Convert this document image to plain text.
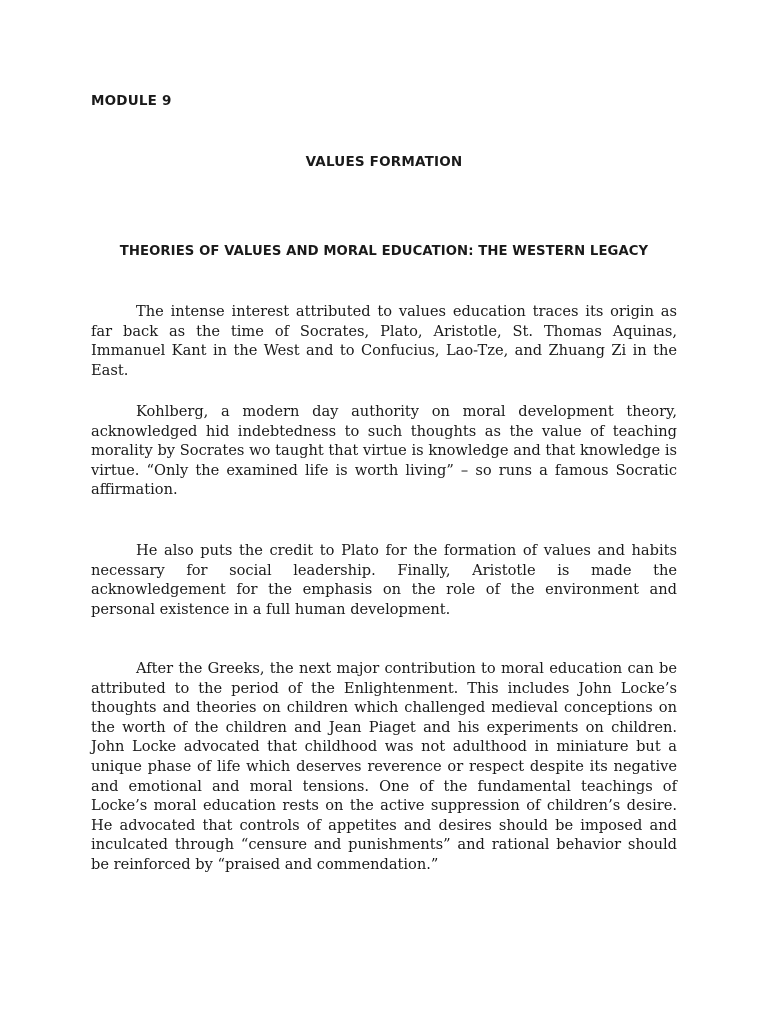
MODULE 9
VALUES FORMATION
THEORIES OF VALUES AND MORAL EDUCATION: THE WESTERN LEGACY

The intense interest attributed to values education traces its origin as far back as the time of Socrates, Plato, Aristotle, St. Thomas Aquinas, Immanuel Kant in the West and to Confucius, Lao-Tze, and Zhuang Zi in the East.

Kohlberg, a modern day authority on moral development theory, acknowledged hid indebtedness to such thoughts as the value of teaching morality by Socrates wo taught that virtue is knowledge and that knowledge is virtue. “Only the examined life is worth living” – so runs a famous Socratic affirmation.

He also puts the credit to Plato for the formation of values and habits necessary for social leadership. Finally, Aristotle is made the acknowledgement for the emphasis on the role of the environment and personal existence in a full human development.

After the Greeks, the next major contribution to moral education can be attributed to the period of the Enlightenment. This includes John Locke’s thoughts and theories on children which challenged medieval conceptions on the worth of the children and Jean Piaget and his experiments on children. John Locke advocated that childhood was not adulthood in miniature but a unique phase of life which deserves reverence or respect despite its negative and emotional and moral tensions. One of the fundamental teachings of Locke’s moral education rests on the active suppression of children’s desire. He advocated that controls of appetites and desires should be imposed and inculcated through “censure and punishments” and rational behavior should be reinforced by “praised and commendation.”
